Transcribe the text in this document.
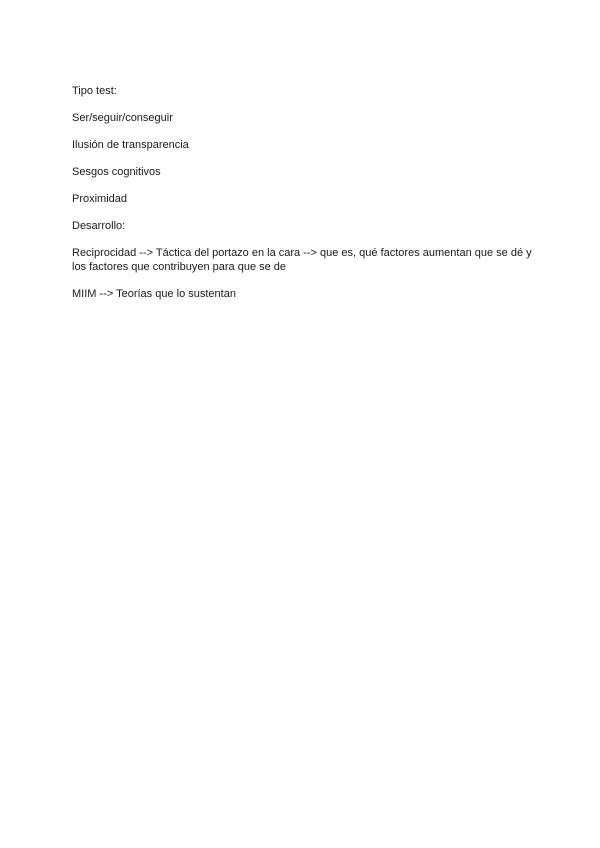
Tipo test:

Ser/seguir/conseguir

Ilusión de transparencia

Sesgos cognitivos

Proximidad

Desarrollo:

Reciprocidad --> Táctica del portazo en la cara --> que es, qué factores aumentan que se dé y los factores que contribuyen para que se de

MIIM --> Teorías que lo sustentan
